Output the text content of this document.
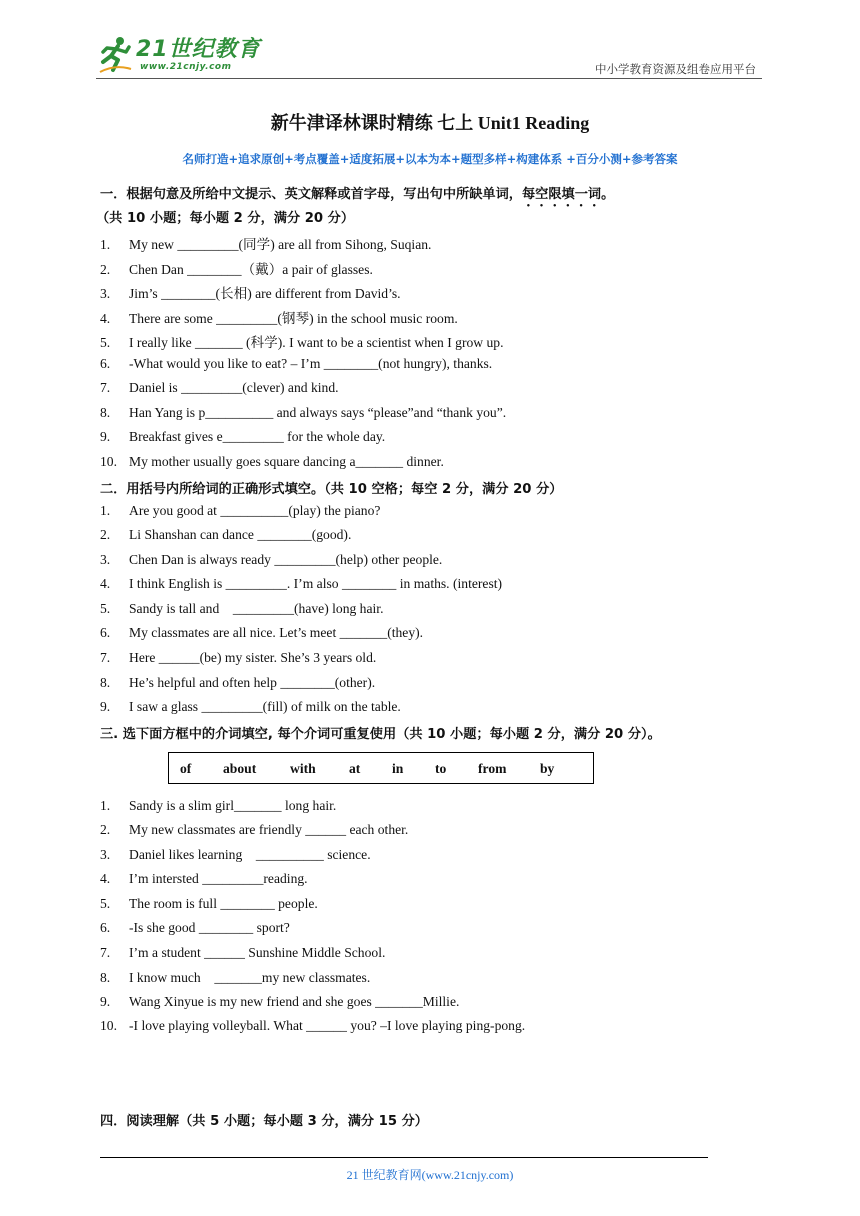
21世纪教育
www.21cnjy.com	中小学教育资源及组卷应用平台
新牛津译林课时精练 七上 Unit1 Reading
名师打造+追求原创+考点覆盖+适度拓展+以本为本+题型多样+构建体系 +百分小测+参考答案
一．根据句意及所给中文提示、英文解释或首字母，写出句中所缺单词，每空限填一词。
（共 10 小题；每小题 2 分，满分 20 分）
1. My new _________(同学) are all from Sihong, Suqian.
2. Chen Dan ________（戴）a pair of glasses.
3. Jim’s ________(长相) are different from David’s.
4. There are some _________(钢琴) in the school music room.
5. I really like _______ (科学). I want to be a scientist when I grow up.
6. -What would you like to eat? – I’m ________(not hungry), thanks.
7. Daniel is _________(clever) and kind.
8. Han Yang is p__________ and always says “please”and “thank you”.
9. Breakfast gives e_________ for the whole day.
10. My mother usually goes square dancing a_______ dinner.
二．用括号内所给词的正确形式填空。（共 10 空格；每空 2 分，满分 20 分）
1. Are you good at __________(play) the piano?
2. Li Shanshan can dance ________(good).
3. Chen Dan is always ready _________(help) other people.
4. I think English is _________. I’m also ________ in maths. (interest)
5. Sandy is tall and    _________(have) long hair.
6. My classmates are all nice. Let’s meet _______(they).
7. Here ______(be) my sister. She’s 3 years old.
8. He’s helpful and often help ________(other).
9. I saw a glass _________(fill) of milk on the table.
三. 选下面方框中的介词填空, 每个介词可重复使用（共 10 小题；每小题 2 分，满分 20 分）。
of about with at in to from by
1. Sandy is a slim girl_______ long hair.
2. My new classmates are friendly ______ each other.
3. Daniel likes learning    __________ science.
4. I’m intersted _________reading.
5. The room is full ________ people.
6. -Is she good ________ sport?
7. I’m a student ______ Sunshine Middle School.
8. I know much    _______my new classmates.
9. Wang Xinyue is my new friend and she goes _______Millie.
10. -I love playing volleyball. What ______ you? –I love playing ping-pong.
四．阅读理解（共 5 小题；每小题 3 分，满分 15 分）
21 世纪教育网(www.21cnjy.com)
